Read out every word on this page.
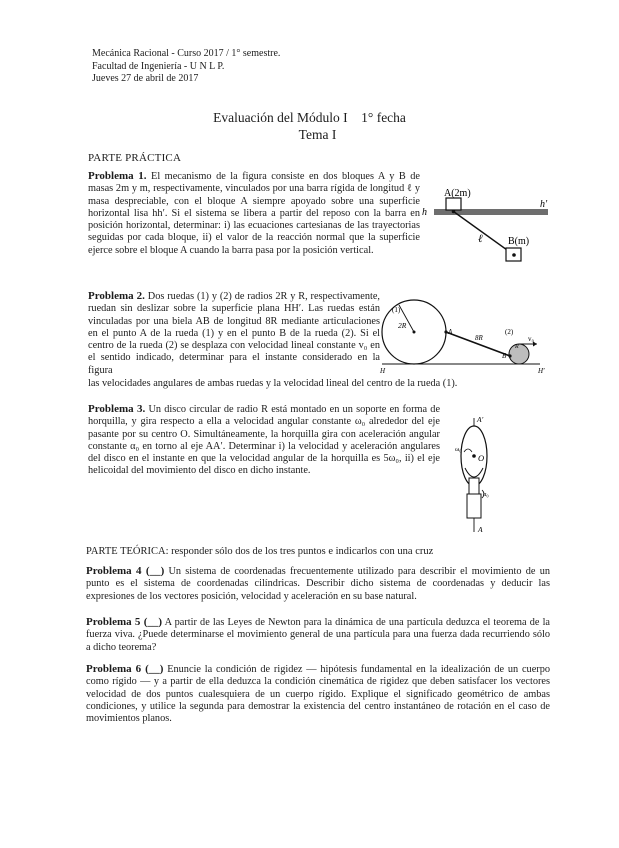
Mecánica Racional - Curso 2017 / 1° semestre.
Facultad de Ingeniería - U N L P.
Jueves 27 de abril de 2017
Evaluación del Módulo I    1° fecha
Tema I
PARTE PRÁCTICA
Problema 1. El mecanismo de la figura consiste en dos bloques A y B de masas 2m y m, respectivamente, vinculados por una barra rígida de longitud ℓ y masa despreciable, con el bloque A siempre apoyado sobre una superficie horizontal lisa hh′. Si el sistema se libera a partir del reposo con la barra en posición horizontal, determinar: i) las ecuaciones cartesianas de las trayectorias seguidas por cada bloque, ii) el valor de la reacción normal que la superficie ejerce sobre el bloque A cuando la barra pasa por la posición vertical.
A(2m)
h
h′
ℓ	B(m)
Problema 2. Dos ruedas (1) y (2) de radios 2R y R, respectivamente, ruedan sin deslizar sobre la superficie plana HH′. Las ruedas están vinculadas por una biela AB de longitud 8R mediante articulaciones en el punto A de la rueda (1) y en el punto B de la rueda (2). Si el centro de la rueda (2) se desplaza con velocidad lineal constante v₀ en el sentido indicado, determinar para el instante considerado en la figura
las velocidades angulares de ambas ruedas y la velocidad lineal del centro de la rueda (1).
(1)
2R
A
8R
(2)
R
B
v₀
H	H′
Problema 3. Un disco circular de radio R está montado en un soporte en forma de horquilla, y gira respecto a ella a velocidad angular constante ω₀ alrededor del eje pasante por su centro O. Simultáneamente, la horquilla gira con aceleración angular constante α₀ en torno al eje AA′. Determinar i) la velocidad y aceleración angulares del disco en el instante en que la velocidad angular de la horquilla es 5ω₀, ii) el eje helicoidal del movimiento del disco en dicho instante.
A′
ω₀
O
α₀
A
PARTE TEÓRICA: responder sólo dos de los tres puntos e indicarlos con una cruz
Problema 4 (__) Un sistema de coordenadas frecuentemente utilizado para describir el movimiento de un punto es el sistema de coordenadas cilíndricas. Describir dicho sistema de coordenadas y deducir las expresiones de los vectores posición, velocidad y aceleración en su base natural.
Problema 5 (__) A partir de las Leyes de Newton para la dinámica de una partícula deduzca el teorema de la fuerza viva. ¿Puede determinarse el movimiento general de una partícula para una fuerza dada recurriendo sólo a dicho teorema?
Problema 6 (__) Enuncie la condición de rigidez — hipótesis fundamental en la idealización de un cuerpo como rígido — y a partir de ella deduzca la condición cinemática de rigidez que deben satisfacer los vectores velocidad de dos puntos cualesquiera de un cuerpo rígido. Explique el significado geométrico de ambas condiciones, y utilice la segunda para demostrar la existencia del centro instantáneo de rotación en el caso de movimientos planos.
